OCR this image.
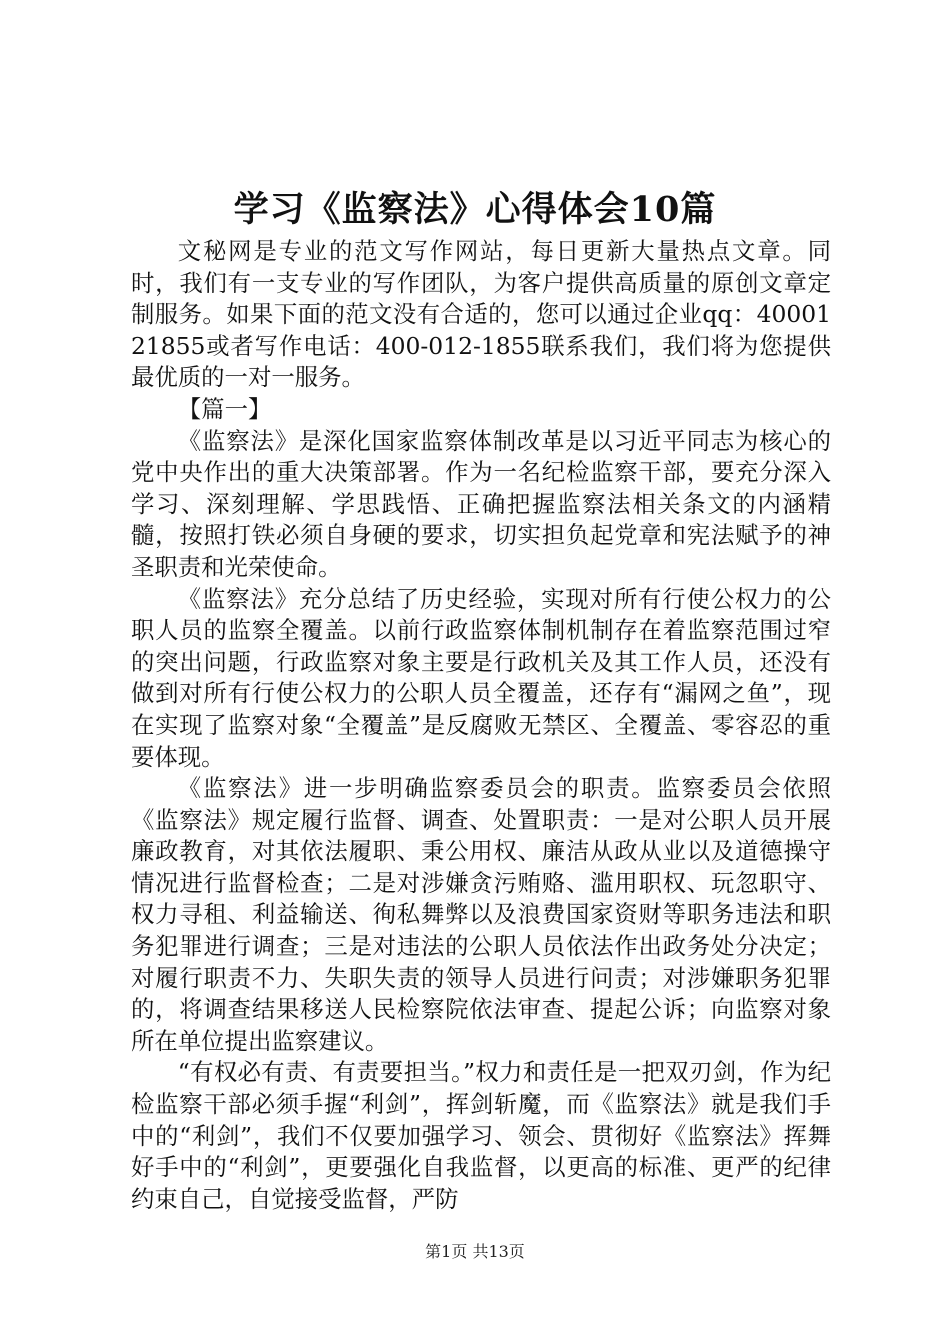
学习《监察法》心得体会10篇

文秘网是专业的范文写作网站，每日更新大量热点文章。同时，我们有一支专业的写作团队，为客户提供高质量的原创文章定制服务。如果下面的范文没有合适的，您可以通过企业qq：4000121855或者写作电话：400-012-1855联系我们，我们将为您提供最优质的一对一服务。

【篇一】

《监察法》是深化国家监察体制改革是以习近平同志为核心的党中央作出的重大决策部署。作为一名纪检监察干部，要充分深入学习、深刻理解、学思践悟、正确把握监察法相关条文的内涵精髓，按照打铁必须自身硬的要求，切实担负起党章和宪法赋予的神圣职责和光荣使命。

《监察法》充分总结了历史经验，实现对所有行使公权力的公职人员的监察全覆盖。以前行政监察体制机制存在着监察范围过窄的突出问题，行政监察对象主要是行政机关及其工作人员，还没有做到对所有行使公权力的公职人员全覆盖，还存有“漏网之鱼”，现在实现了监察对象“全覆盖”是反腐败无禁区、全覆盖、零容忍的重要体现。

《监察法》进一步明确监察委员会的职责。监察委员会依照《监察法》规定履行监督、调查、处置职责：一是对公职人员开展廉政教育，对其依法履职、秉公用权、廉洁从政从业以及道德操守情况进行监督检查；二是对涉嫌贪污贿赂、滥用职权、玩忽职守、权力寻租、利益输送、徇私舞弊以及浪费国家资财等职务违法和职务犯罪进行调查；三是对违法的公职人员依法作出政务处分决定；对履行职责不力、失职失责的领导人员进行问责；对涉嫌职务犯罪的，将调查结果移送人民检察院依法审查、提起公诉；向监察对象所在单位提出监察建议。

“有权必有责、有责要担当。”权力和责任是一把双刃剑，作为纪检监察干部必须手握“利剑”，挥剑斩魔，而《监察法》就是我们手中的“利剑”，我们不仅要加强学习、领会、贯彻好《监察法》挥舞好手中的“利剑”，更要强化自我监督，以更高的标准、更严的纪律约束自己，自觉接受监督，严防

第1页 共13页
